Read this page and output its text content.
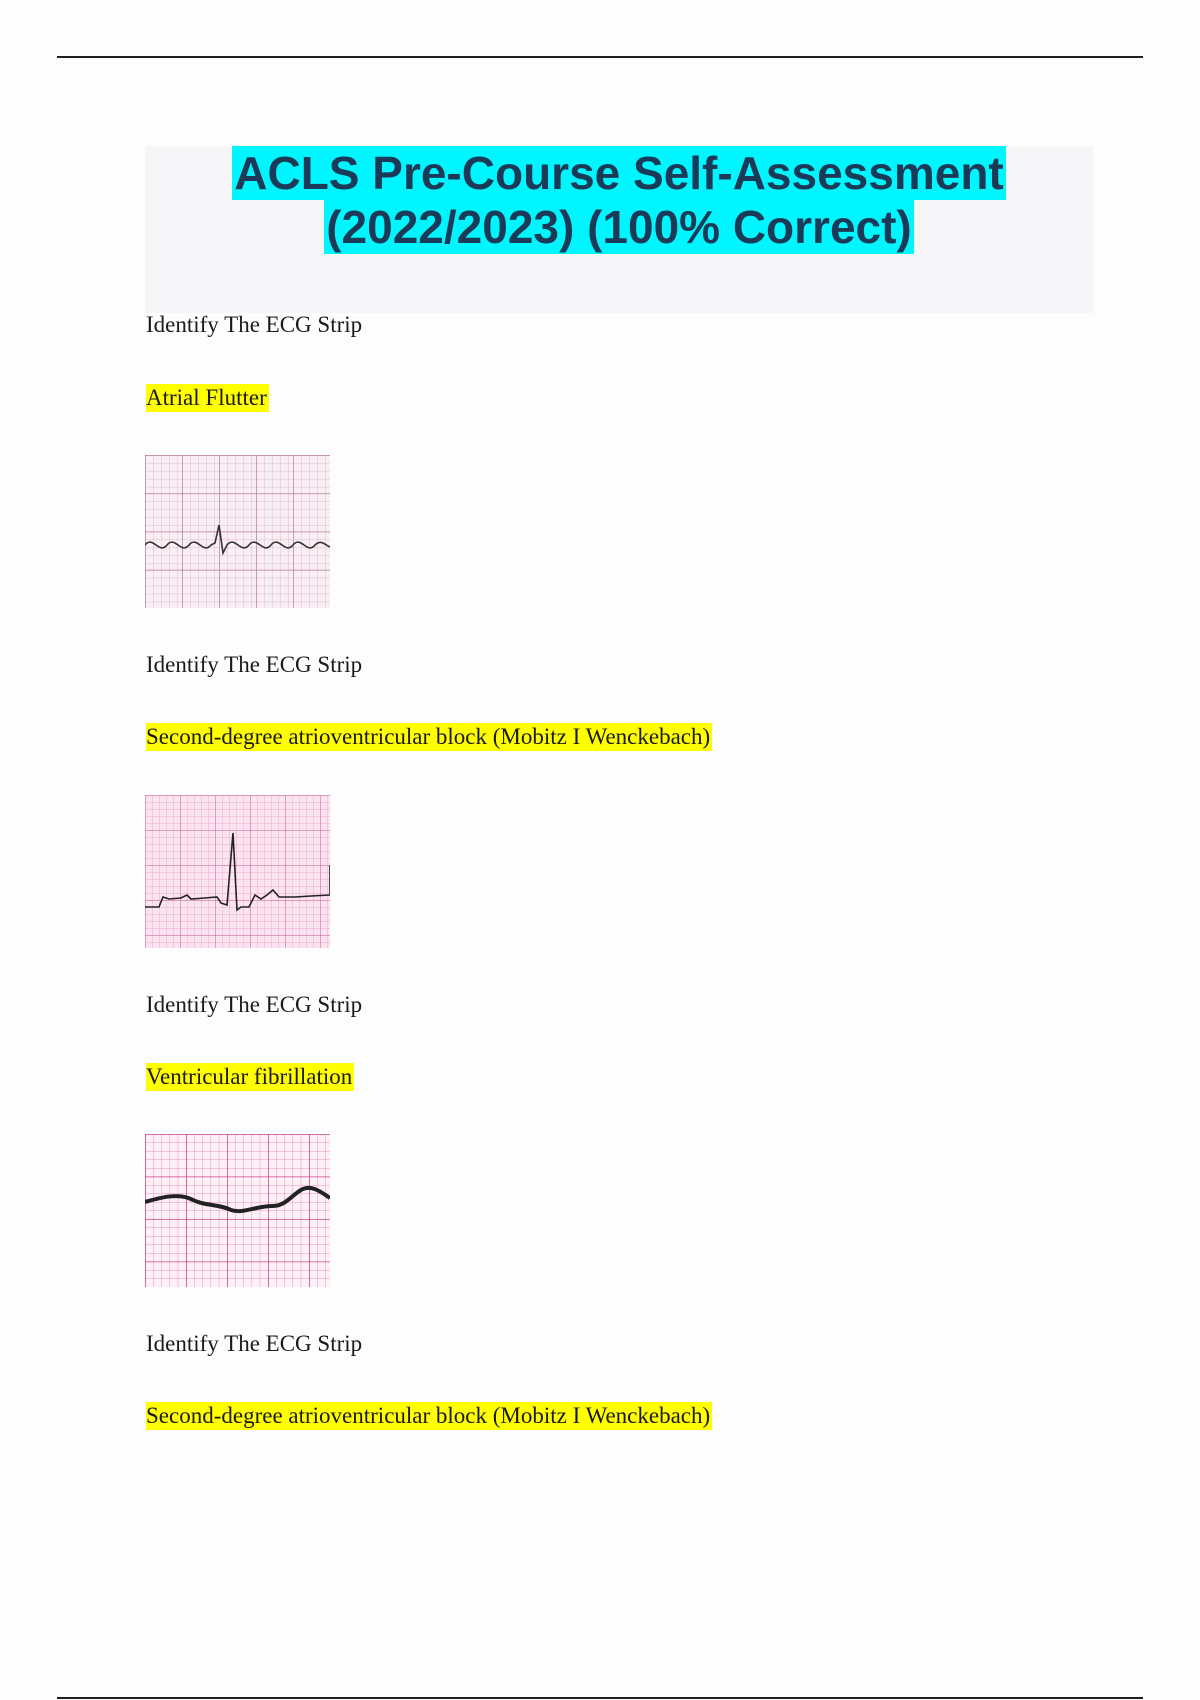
ACLS Pre-Course Self-Assessment
(2022/2023) (100% Correct)
Identify The ECG Strip
Atrial Flutter
Identify The ECG Strip
Second-degree atrioventricular block (Mobitz I Wenckebach)
Identify The ECG Strip
Ventricular fibrillation
Identify The ECG Strip
Second-degree atrioventricular block (Mobitz I Wenckebach)
